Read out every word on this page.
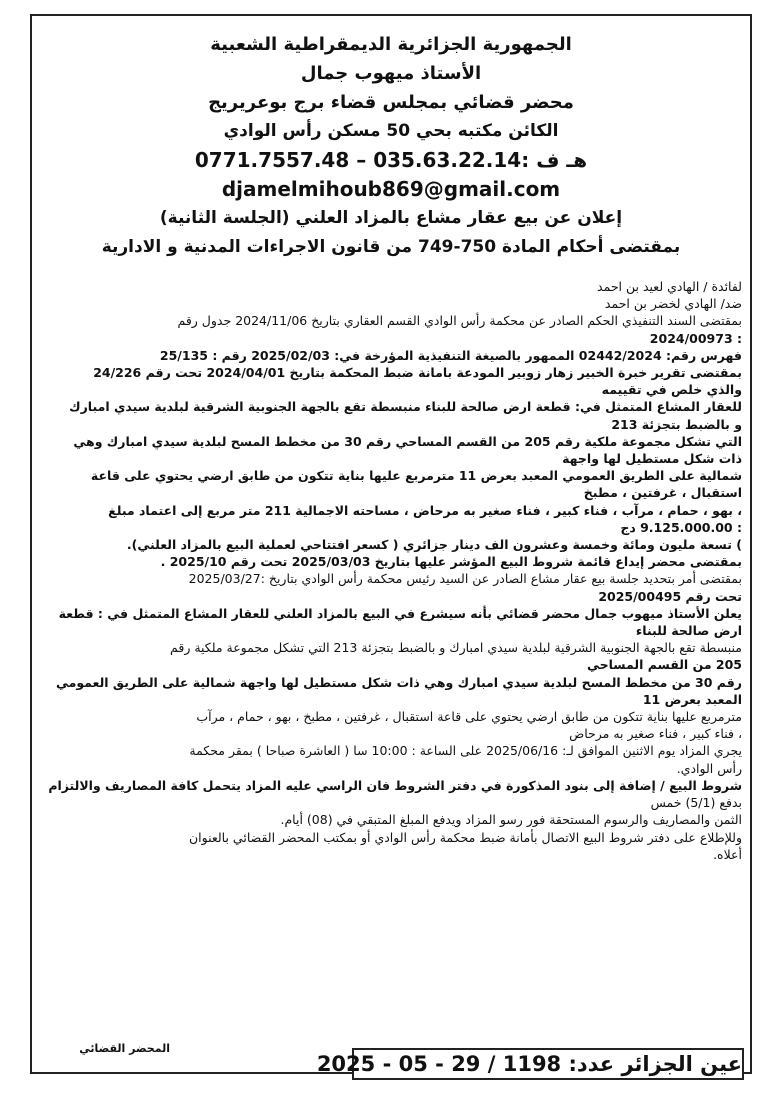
الجمهورية الجزائرية الديمقراطية الشعبية

الأستاذ ميهوب جمال

محضر قضائي بمجلس قضاء برج بوعريريج

الكائن مكتبه بحي 50 مسكن رأس الوادي

هـ ف :035.63.22.14 – 0771.7557.48

djamelmihoub869@gmail.com

إعلان عن بيع عقار مشاع بالمزاد العلني (الجلسة الثانية)

بمقتضى أحكام المادة 750-749 من قانون الاجراءات المدنية و الادارية

لفائدة / الهادي لعيد بن احمد

ضد/ الهادي لخضر بن احمد

بمقتضى السند التنفيذي الحكم الصادر عن محكمة رأس الوادي القسم العقاري بتاريخ 2024/11/06 جدول رقم

: 2024/00973

فهرس رقم: 02442/2024 الممهور بالصيغة التنفيذية المؤرخة في: 2025/02/03 رقم : 25/135

بمقتضى تقرير خبرة الخبير زهار زوبير المودعة بامانة ضبط المحكمة بتاريخ 2024/04/01 تحت رقم 24/226

والذي خلص في تقييمه

للعقار المشاع المتمثل في: قطعة ارض صالحة للبناء منبسطة تقع بالجهة الجنوبية الشرقية لبلدية سيدي امبارك

و بالضبط بتجزئة 213

التي تشكل مجموعة ملكية رقم 205 من القسم المساحي رقم 30 من مخطط المسح لبلدية سيدي امبارك وهي

ذات شكل مستطيل لها واجهة

شمالية على الطريق العمومي المعبد بعرض 11 مترمربع عليها بناية تتكون من طابق ارضي يحتوي على قاعة

استقبال ، غرفتين ، مطبخ

، بهو ، حمام ، مرآب ، فناء كبير ، فناء صغير به مرحاض ، مساحته الاجمالية 211 متر مربع إلى اعتماد مبلغ

: 9.125.000.00 دج

) تسعة مليون ومائة وخمسة وعشرون الف دينار جزائري ( كسعر افتتاحي لعملية البيع بالمزاد العلني).

بمقتضى محضر إيداع قائمة شروط البيع المؤشر عليها بتاريخ 2025/03/03 تحت رقم 2025/10 .

بمقتضى أمر بتحديد جلسة بيع عقار مشاع الصادر عن السيد رئيس محكمة رأس الوادي بتاريخ :2025/03/27

تحت رقم 2025/00495

يعلن الأستاذ ميهوب جمال محضر قضائي بأنه سيشرع في البيع بالمزاد العلني للعقار المشاع المتمثل في : قطعة

ارض صالحة للبناء

منبسطة تقع بالجهة الجنوبية الشرقية لبلدية سيدي امبارك و بالضبط بتجزئة 213 التي تشكل مجموعة ملكية رقم

205 من القسم المساحي

رقم 30 من مخطط المسح لبلدية سيدي امبارك وهي ذات شكل مستطيل لها واجهة شمالية على الطريق العمومي

المعبد بعرض 11

مترمربع عليها بناية تتكون من طابق ارضي يحتوي على قاعة استقبال ، غرفتين ، مطبخ ، بهو ، حمام ، مرآب

، فناء كبير ، فناء صغير به مرحاض

يجري المزاد يوم الاثنين الموافق لـ: 2025/06/16 على الساعة : 10:00 سا ( العاشرة صباحا ) بمقر محكمة

رأس الوادي.

شروط البيع / إضافة إلى بنود المذكورة في دفتر الشروط فان الراسي عليه المزاد يتحمل كافة المصاريف والالتزام

بدفع (5/1) خمس

الثمن والمصاريف والرسوم المستحقة فور رسو المزاد ويدفع المبلغ المتبقي في (08) أيام.

وللإطلاع على دفتر شروط البيع الاتصال بأمانة ضبط محكمة رأس الوادي أو بمكتب المحضر القضائي بالعنوان

أعلاه.

المحضر القضائي
عين الجزائر عدد: 1198 / 29 - 05 - 2025
